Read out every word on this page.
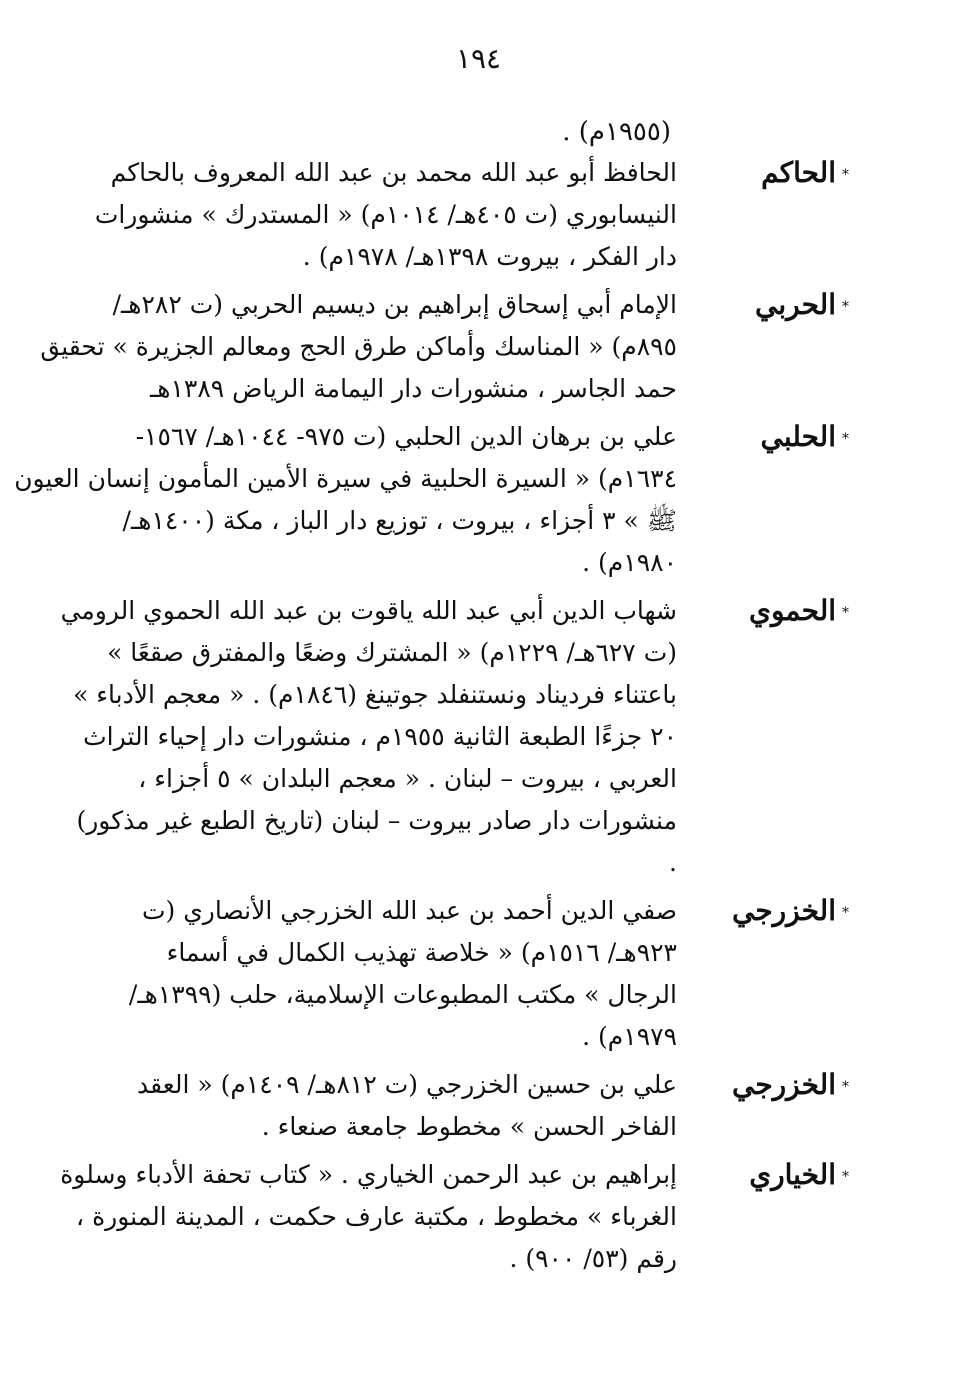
١٩٤
(١٩٥٥م) .
*الحاكم
الحافظ أبو عبد الله محمد بن عبد الله المعروف بالحاكم
النيسابوري (ت ٤٠٥هـ/ ١٠١٤م) « المستدرك » منشورات
دار الفكر ، بيروت ١٣٩٨هـ/ ١٩٧٨م) .
*الحربي
الإمام أبي إسحاق إبراهيم بن ديسيم الحربي (ت ٢٨٢هـ/
٨٩٥م) « المناسك وأماكن طرق الحج ومعالم الجزيرة » تحقيق
حمد الجاسر ، منشورات دار اليمامة الرياض ١٣٨٩هـ
*الحلبي
علي بن برهان الدين الحلبي (ت ٩٧٥- ١٠٤٤هـ/ ١٥٦٧-
١٦٣٤م) « السيرة الحلبية في سيرة الأمين المأمون إنسان العيون
ﷺ » ٣ أجزاء ، بيروت ، توزيع دار الباز ، مكة (١٤٠٠هـ/
١٩٨٠م) .
*الحموي
شهاب الدين أبي عبد الله ياقوت بن عبد الله الحموي الرومي
(ت ٦٢٧هـ/ ١٢٢٩م) « المشترك وضعًا والمفترق صقعًا »
باعتناء فرديناد ونستنفلد جوتينغ (١٨٤٦م) . « معجم الأدباء »
٢٠ جزءًا الطبعة الثانية ١٩٥٥م ، منشورات دار إحياء التراث
العربي ، بيروت – لبنان . « معجم البلدان » ٥ أجزاء ،
منشورات دار صادر بيروت – لبنان (تاريخ الطبع غير مذكور)
.
*الخزرجي
صفي الدين أحمد بن عبد الله الخزرجي الأنصاري (ت
٩٢٣هـ/ ١٥١٦م) « خلاصة تهذيب الكمال في أسماء
الرجال » مكتب المطبوعات الإسلامية، حلب (١٣٩٩هـ/
١٩٧٩م) .
*الخزرجي
علي بن حسين الخزرجي (ت ٨١٢هـ/ ١٤٠٩م) « العقد
الفاخر الحسن » مخطوط جامعة صنعاء .
*الخياري
إبراهيم بن عبد الرحمن الخياري . « كتاب تحفة الأدباء وسلوة
الغرباء » مخطوط ، مكتبة عارف حكمت ، المدينة المنورة ،
رقم (٥٣/ ٩٠٠) .
